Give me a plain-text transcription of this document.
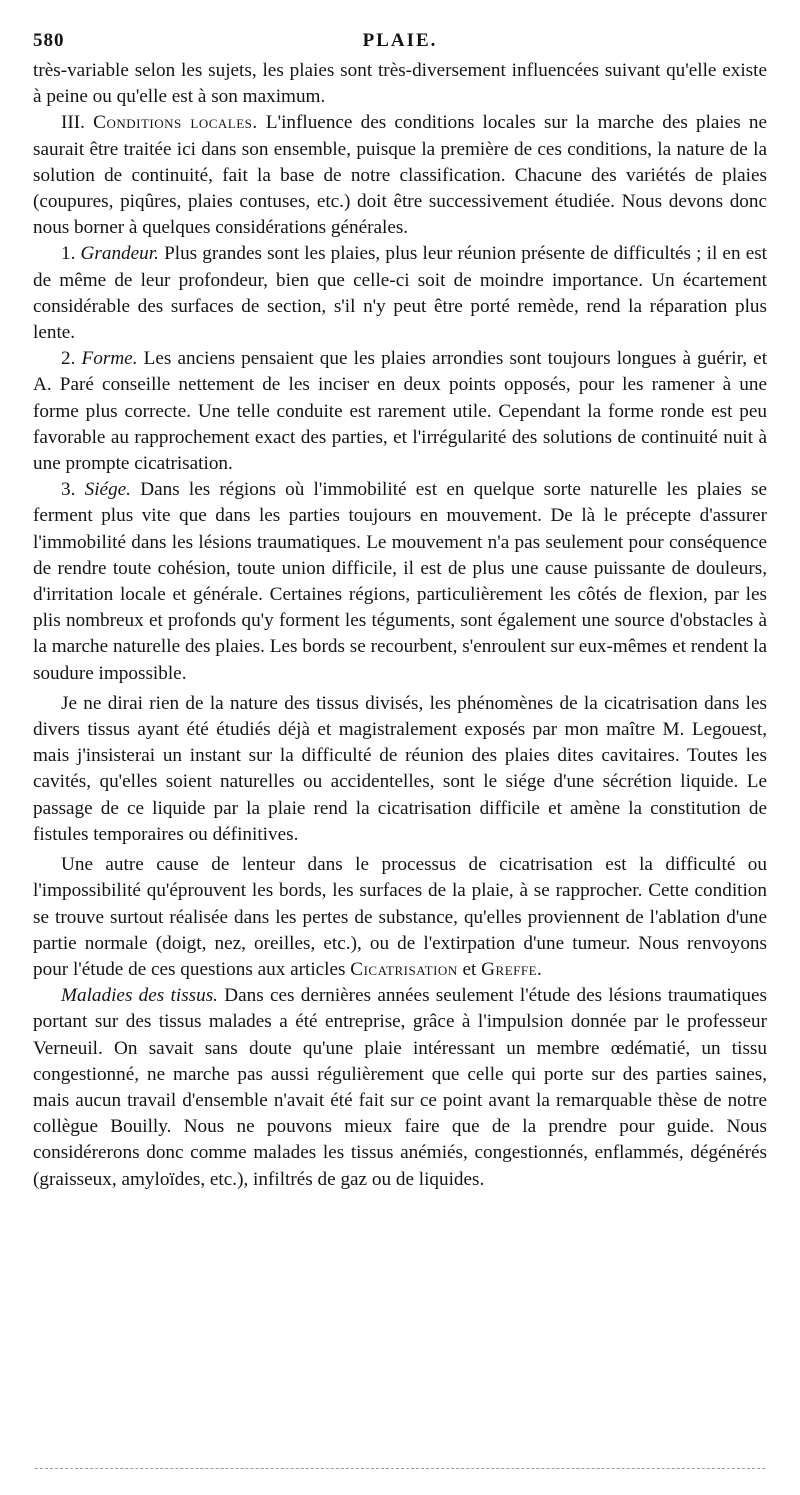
580	PLAIE.

très-variable selon les sujets, les plaies sont très-diversement influencées suivant qu'elle existe à peine ou qu'elle est à son maximum.

III. Conditions locales. L'influence des conditions locales sur la marche des plaies ne saurait être traitée ici dans son ensemble, puisque la première de ces conditions, la nature de la solution de continuité, fait la base de notre classification. Chacune des variétés de plaies (coupures, piqûres, plaies contuses, etc.) doit être successivement étudiée. Nous devons donc nous borner à quelques considérations générales.

1. Grandeur. Plus grandes sont les plaies, plus leur réunion présente de difficultés ; il en est de même de leur profondeur, bien que celle-ci soit de moindre importance. Un écartement considérable des surfaces de section, s'il n'y peut être porté remède, rend la réparation plus lente.

2. Forme. Les anciens pensaient que les plaies arrondies sont toujours longues à guérir, et A. Paré conseille nettement de les inciser en deux points opposés, pour les ramener à une forme plus correcte. Une telle conduite est rarement utile. Cependant la forme ronde est peu favorable au rapprochement exact des parties, et l'irrégularité des solutions de continuité nuit à une prompte cicatrisation.

3. Siége. Dans les régions où l'immobilité est en quelque sorte naturelle les plaies se ferment plus vite que dans les parties toujours en mouvement. De là le précepte d'assurer l'immobilité dans les lésions traumatiques. Le mouvement n'a pas seulement pour conséquence de rendre toute cohésion, toute union difficile, il est de plus une cause puissante de douleurs, d'irritation locale et générale. Certaines régions, particulièrement les côtés de flexion, par les plis nombreux et profonds qu'y forment les téguments, sont également une source d'obstacles à la marche naturelle des plaies. Les bords se recourbent, s'enroulent sur eux-mêmes et rendent la soudure impossible.

Je ne dirai rien de la nature des tissus divisés, les phénomènes de la cicatrisation dans les divers tissus ayant été étudiés déjà et magistralement exposés par mon maître M. Legouest, mais j'insisterai un instant sur la difficulté de réunion des plaies dites cavitaires. Toutes les cavités, qu'elles soient naturelles ou accidentelles, sont le siége d'une sécrétion liquide. Le passage de ce liquide par la plaie rend la cicatrisation difficile et amène la constitution de fistules temporaires ou définitives.

Une autre cause de lenteur dans le processus de cicatrisation est la difficulté ou l'impossibilité qu'éprouvent les bords, les surfaces de la plaie, à se rapprocher. Cette condition se trouve surtout réalisée dans les pertes de substance, qu'elles proviennent de l'ablation d'une partie normale (doigt, nez, oreilles, etc.), ou de l'extirpation d'une tumeur. Nous renvoyons pour l'étude de ces questions aux articles Cicatrisation et Greffe.

Maladies des tissus. Dans ces dernières années seulement l'étude des lésions traumatiques portant sur des tissus malades a été entreprise, grâce à l'impulsion donnée par le professeur Verneuil. On savait sans doute qu'une plaie intéressant un membre œdématié, un tissu congestionné, ne marche pas aussi régulièrement que celle qui porte sur des parties saines, mais aucun travail d'ensemble n'avait été fait sur ce point avant la remarquable thèse de notre collègue Bouilly. Nous ne pouvons mieux faire que de la prendre pour guide. Nous considérerons donc comme malades les tissus anémiés, congestionnés, enflammés, dégénérés (graisseux, amyloïdes, etc.), infiltrés de gaz ou de liquides.
